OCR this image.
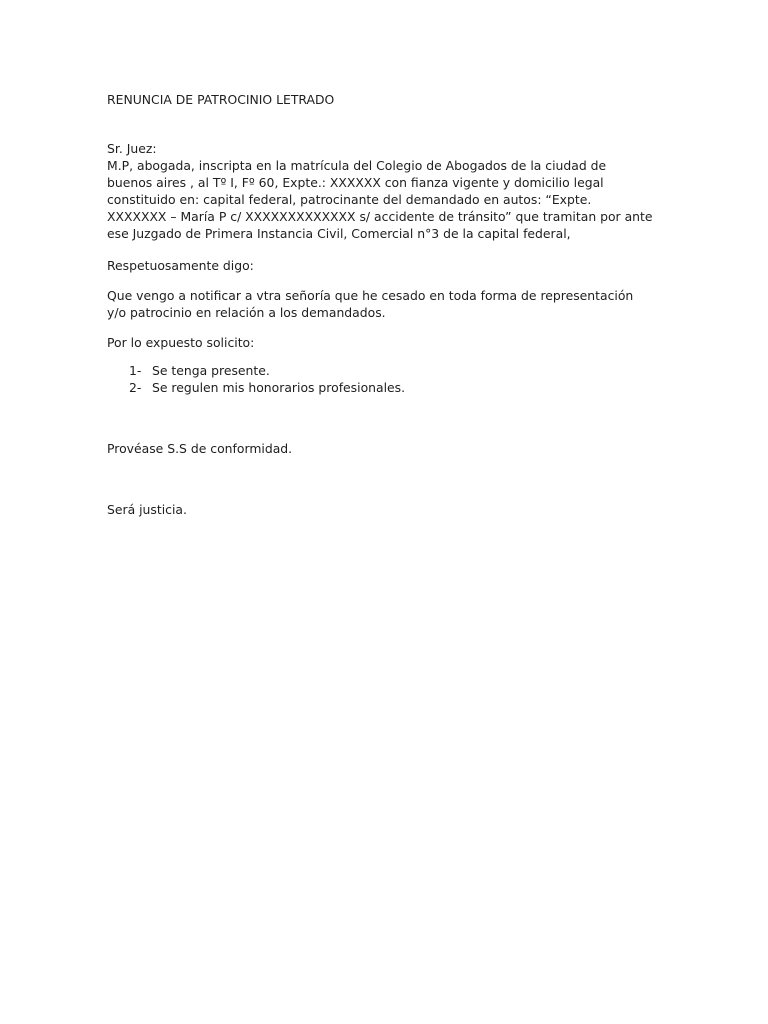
RENUNCIA DE PATROCINIO LETRADO
Sr. Juez:
M.P, abogada, inscripta en la matrícula del Colegio de Abogados de la ciudad de
buenos aires , al Tº I, Fº 60, Expte.: XXXXXX con fianza vigente y domicilio legal
constituido en: capital federal, patrocinante del demandado en autos: “Expte.
XXXXXXX – María P c/ XXXXXXXXXXXXX s/ accidente de tránsito” que tramitan por ante
ese Juzgado de Primera Instancia Civil, Comercial n°3 de la capital federal,
Respetuosamente digo:
Que vengo a notificar a vtra señoría que he cesado en toda forma de representación
y/o patrocinio en relación a los demandados.
Por lo expuesto solicito:
1- Se tenga presente.
2- Se regulen mis honorarios profesionales.
Provéase S.S de conformidad.
Será justicia.
